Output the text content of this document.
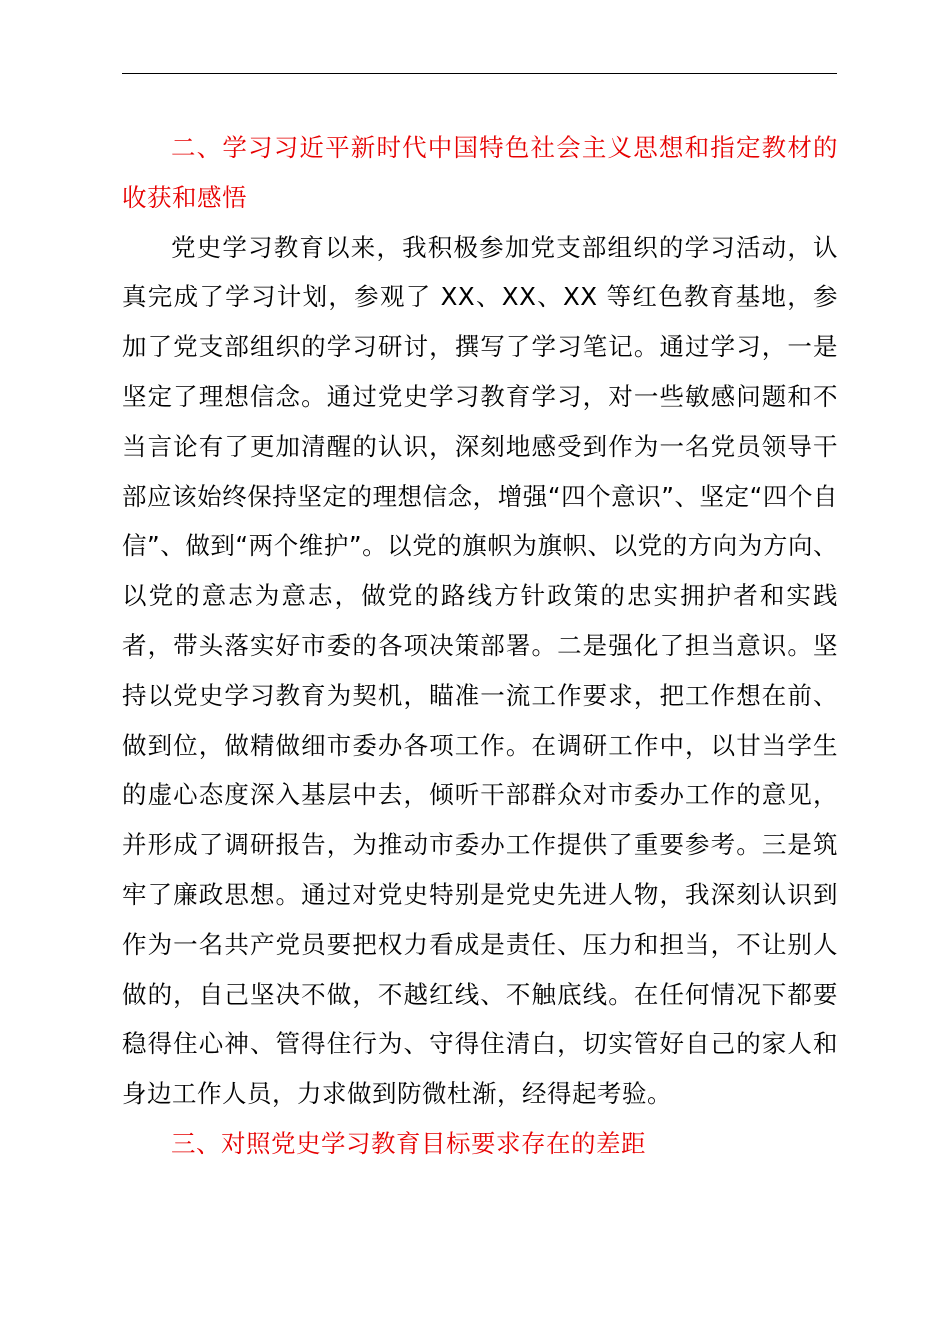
二、学习习近平新时代中国特色社会主义思想和指定教材的收获和感悟

党史学习教育以来，我积极参加党支部组织的学习活动，认真完成了学习计划，参观了 XX、XX、XX 等红色教育基地，参加了党支部组织的学习研讨，撰写了学习笔记。通过学习，一是坚定了理想信念。通过党史学习教育学习，对一些敏感问题和不当言论有了更加清醒的认识，深刻地感受到作为一名党员领导干部应该始终保持坚定的理想信念，增强“四个意识”、坚定“四个自信”、做到“两个维护”。以党的旗帜为旗帜、以党的方向为方向、以党的意志为意志，做党的路线方针政策的忠实拥护者和实践者，带头落实好市委的各项决策部署。二是强化了担当意识。坚持以党史学习教育为契机，瞄准一流工作要求，把工作想在前、做到位，做精做细市委办各项工作。在调研工作中，以甘当学生的虚心态度深入基层中去，倾听干部群众对市委办工作的意见，并形成了调研报告，为推动市委办工作提供了重要参考。三是筑牢了廉政思想。通过对党史特别是党史先进人物，我深刻认识到作为一名共产党员要把权力看成是责任、压力和担当，不让别人做的，自己坚决不做，不越红线、不触底线。在任何情况下都要稳得住心神、管得住行为、守得住清白，切实管好自己的家人和身边工作人员，力求做到防微杜渐，经得起考验。

三、对照党史学习教育目标要求存在的差距
